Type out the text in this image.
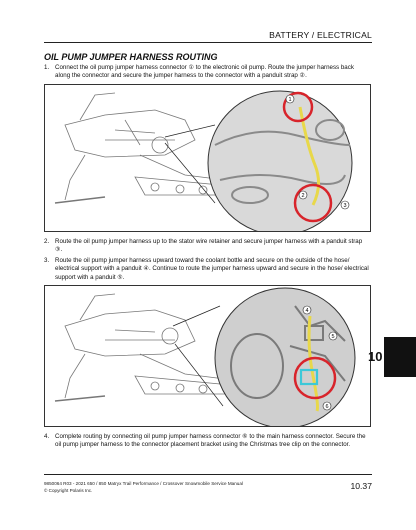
BATTERY / ELECTRICAL
OIL PUMP JUMPER HARNESS ROUTING
1. Connect the oil pump jumper harness connector ① to the electronic oil pump. Route the jumper harness back along the connector and secure the jumper harness to the connector with a panduit strap ②.
1
2
3
2. Route the oil pump jumper harness up to the stator wire retainer and secure jumper harness with a panduit strap ③.
3. Route the oil pump jumper harness upward toward the coolant bottle and secure on the outside of the hose/ electrical support with a panduit ④. Continue to route the jumper harness upward and secure in the hose/ electrical support with a panduit ⑤.
4
5
6
4. Complete routing by connecting oil pump jumper harness connector ⑥ to the main harness connector. Secure the oil pump jumper harness to the connector placement bracket using the Christmas tree clip on the connector.
10
9850064 R03 - 2021 650 / 850 Matryx Trail Performance / Crossover Snowmobile Service Manual
© Copyright Polaris Inc.	10.37
